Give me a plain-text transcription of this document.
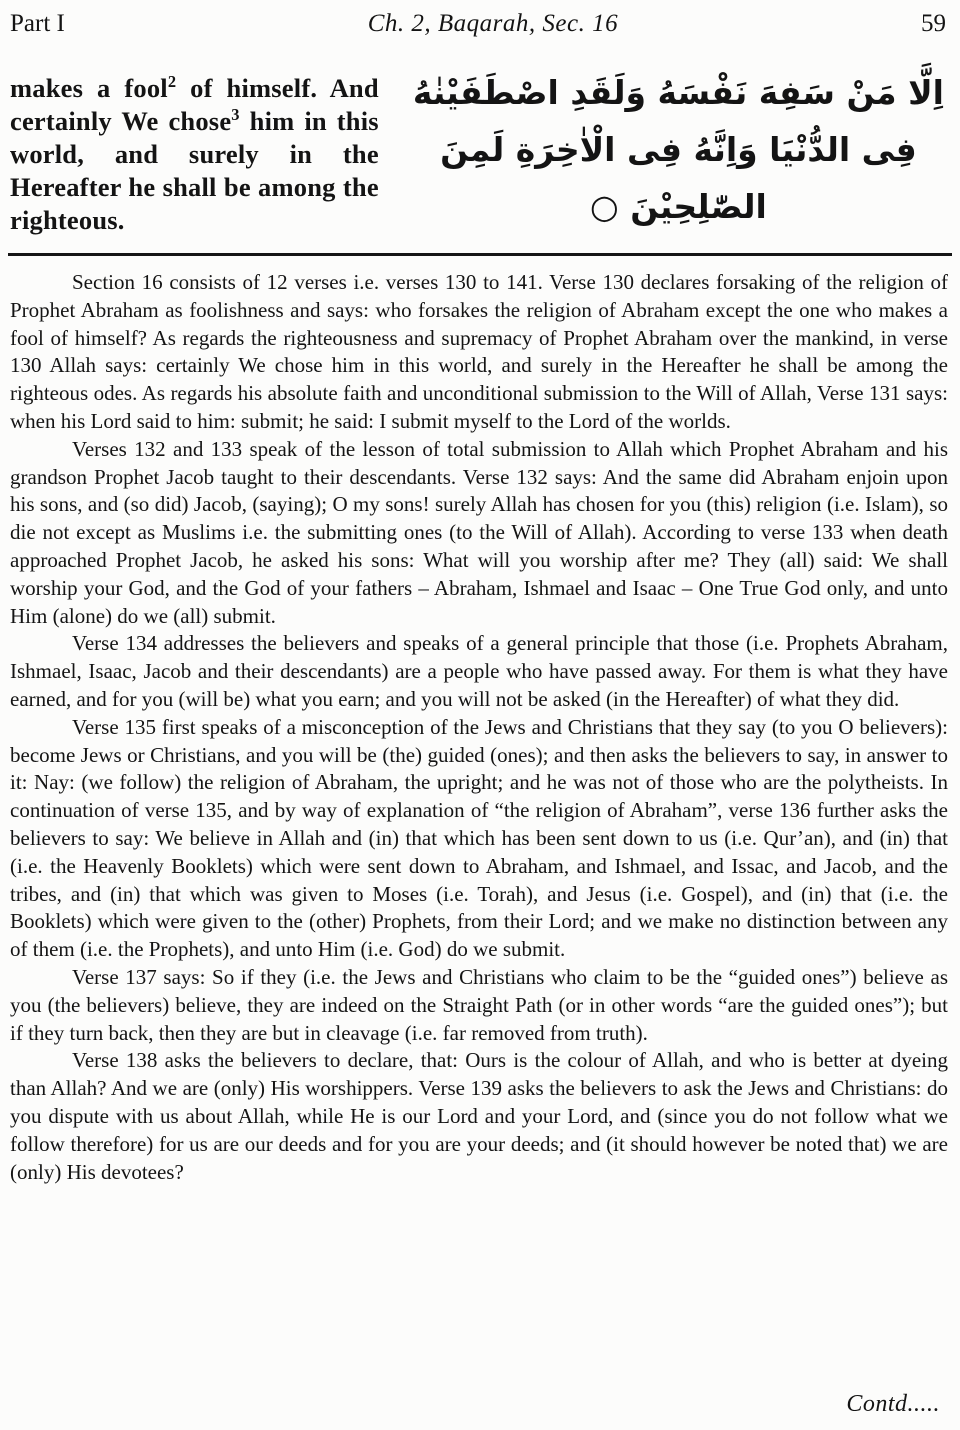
Part I	Ch. 2, Baqarah, Sec. 16	59
makes a fool$^2$ of himself. And certainly We chose$^3$ him in this world, and surely in the Hereafter he shall be among the righteous.
اِلَّا مَنْ سَفِهَ نَفْسَهُ وَلَقَدِ اصْطَفَيْنٰهُ
فِى الدُّنْيَا وَاِنَّهُ فِى الْاٰخِرَةِ لَمِنَ
الصّٰلِحِيْنَ ○

Section 16 consists of 12 verses i.e. verses 130 to 141. Verse 130 declares forsaking of the religion of Prophet Abraham as foolishness and says: who forsakes the religion of Abraham except the one who makes a fool of himself? As regards the righteousness and supremacy of Prophet Abraham over the mankind, in verse 130 Allah says: certainly We chose him in this world, and surely in the Hereafter he shall be among the righteous odes. As regards his absolute faith and unconditional submission to the Will of Allah, Verse 131 says: when his Lord said to him: submit; he said: I submit myself to the Lord of the worlds.

Verses 132 and 133 speak of the lesson of total submission to Allah which Prophet Abraham and his grandson Prophet Jacob taught to their descendants. Verse 132 says: And the same did Abraham enjoin upon his sons, and (so did) Jacob, (saying); O my sons! surely Allah has chosen for you (this) religion (i.e. Islam), so die not except as Muslims i.e. the submitting ones (to the Will of Allah). According to verse 133 when death approached Prophet Jacob, he asked his sons: What will you worship after me? They (all) said: We shall worship your God, and the God of your fathers – Abraham, Ishmael and Isaac – One True God only, and unto Him (alone) do we (all) submit.

Verse 134 addresses the believers and speaks of a general principle that those (i.e. Prophets Abraham, Ishmael, Isaac, Jacob and their descendants) are a people who have passed away. For them is what they have earned, and for you (will be) what you earn; and you will not be asked (in the Hereafter) of what they did.

Verse 135 first speaks of a misconception of the Jews and Christians that they say (to you O believers): become Jews or Christians, and you will be (the) guided (ones); and then asks the believers to say, in answer to it: Nay: (we follow) the religion of Abraham, the upright; and he was not of those who are the polytheists. In continuation of verse 135, and by way of explanation of “the religion of Abraham”, verse 136 further asks the believers to say: We believe in Allah and (in) that which has been sent down to us (i.e. Qur’an), and (in) that (i.e. the Heavenly Booklets) which were sent down to Abraham, and Ishmael, and Issac, and Jacob, and the tribes, and (in) that which was given to Moses (i.e. Torah), and Jesus (i.e. Gospel), and (in) that (i.e. the Booklets) which were given to the (other) Prophets, from their Lord; and we make no distinction between any of them (i.e. the Prophets), and unto Him (i.e. God) do we submit.

Verse 137 says: So if they (i.e. the Jews and Christians who claim to be the “guided ones”) believe as you (the believers) believe, they are indeed on the Straight Path (or in other words “are the guided ones”); but if they turn back, then they are but in cleavage (i.e. far removed from truth).

Verse 138 asks the believers to declare, that: Ours is the colour of Allah, and who is better at dyeing than Allah? And we are (only) His worshippers. Verse 139 asks the believers to ask the Jews and Christians: do you dispute with us about Allah, while He is our Lord and your Lord, and (since you do not follow what we follow therefore) for us are our deeds and for you are your deeds; and (it should however be noted that) we are (only) His devotees?

Contd.....
